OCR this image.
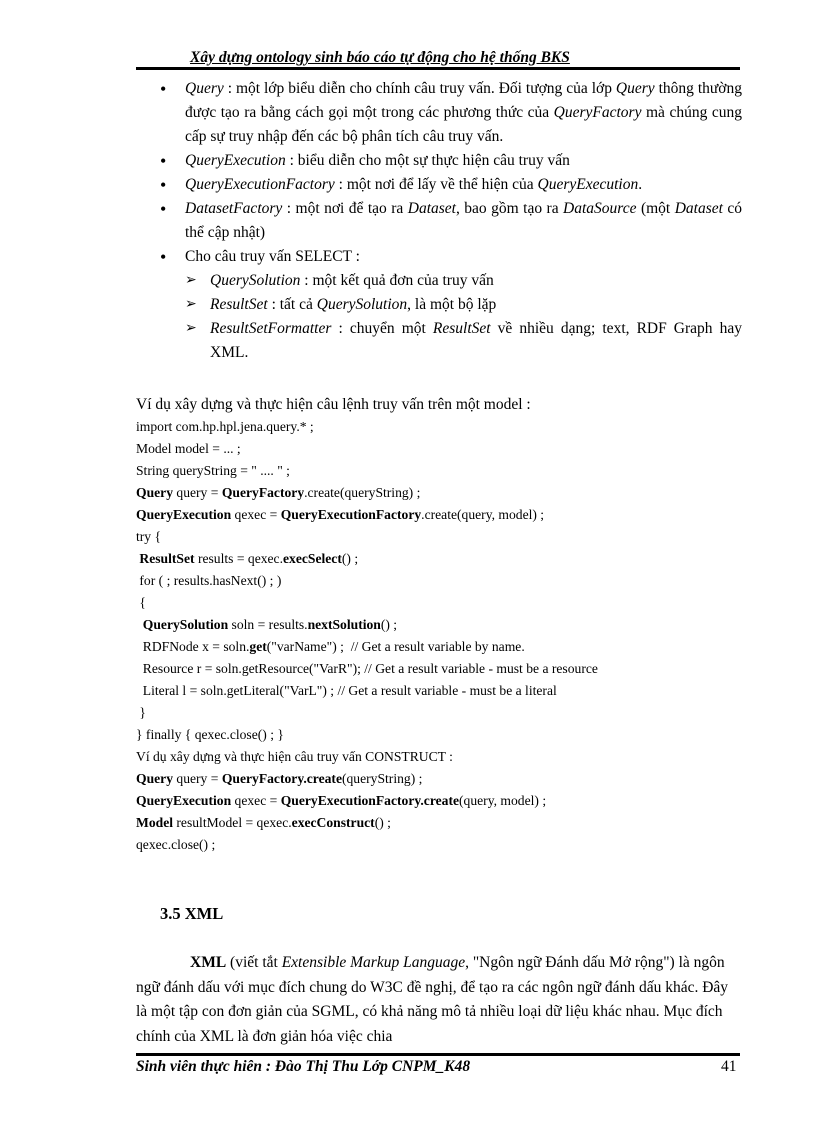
Xây dựng ontology sinh báo cáo tự động cho hệ thống BKS
• Query : một lớp biểu diễn cho chính câu truy vấn. Đối tượng của lớp Query thông thường được tạo ra bằng cách gọi một trong các phương thức của QueryFactory mà chúng cung cấp sự truy nhập đến các bộ phân tích câu truy vấn.
• QueryExecution : biểu diễn cho một sự thực hiện câu truy vấn
• QueryExecutionFactory : một nơi để lấy về thể hiện của QueryExecution.
• DatasetFactory : một nơi để tạo ra Dataset, bao gồm tạo ra DataSource (một Dataset có thể cập nhật)
• Cho câu truy vấn SELECT :
➢ QuerySolution : một kết quả đơn của truy vấn
➢ ResultSet : tất cả QuerySolution, là một bộ lặp
➢ ResultSetFormatter : chuyển một ResultSet về nhiều dạng; text, RDF Graph hay XML.
Ví dụ xây dựng và thực hiện câu lệnh truy vấn trên một model :
import com.hp.hpl.jena.query.* ;
Model model = ... ;
String queryString = " .... " ;
Query query = QueryFactory.create(queryString) ;
QueryExecution qexec = QueryExecutionFactory.create(query, model) ;
try {
ResultSet results = qexec.execSelect() ;
for ( ; results.hasNext() ; )
{
QuerySolution soln = results.nextSolution() ;
RDFNode x = soln.get("varName") ;  // Get a result variable by name.
Resource r = soln.getResource("VarR"); // Get a result variable - must be a resource
Literal l = soln.getLiteral("VarL") ; // Get a result variable - must be a literal
}
} finally { qexec.close() ; }
Ví dụ xây dựng và thực hiện câu truy vấn CONSTRUCT :
Query query = QueryFactory.create(queryString) ;
QueryExecution qexec = QueryExecutionFactory.create(query, model) ;
Model resultModel = qexec.execConstruct() ;
qexec.close() ;
3.5 XML
XML (viết tắt Extensible Markup Language, "Ngôn ngữ Đánh dấu Mở rộng") là ngôn ngữ đánh dấu với mục đích chung do W3C đề nghị, để tạo ra các ngôn ngữ đánh dấu khác. Đây là một tập con đơn giản của SGML, có khả năng mô tả nhiều loại dữ liệu khác nhau. Mục đích chính của XML là đơn giản hóa việc chia
Sinh viên thực hiên : Đào Thị Thu Lớp CNPM_K48	41
